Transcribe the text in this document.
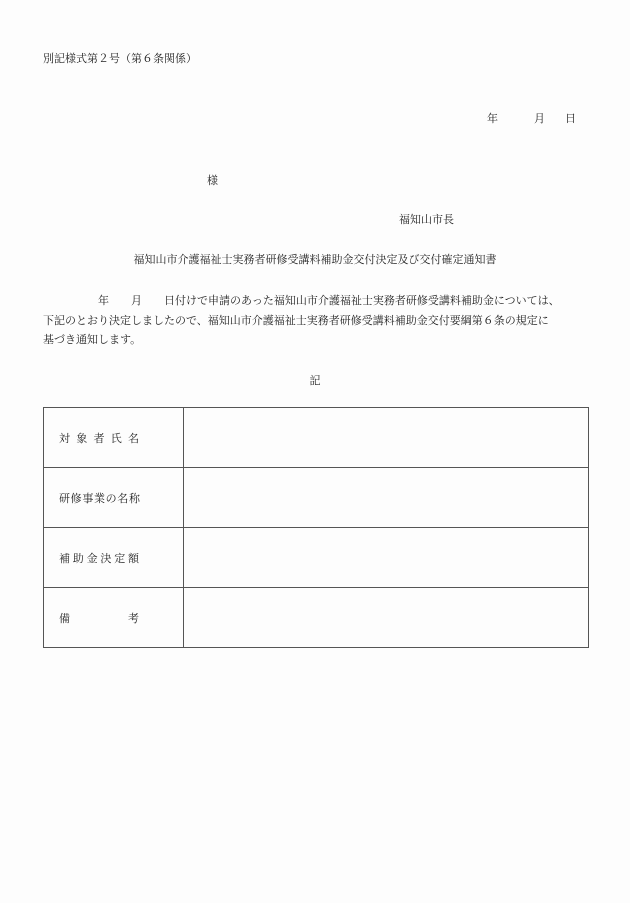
別記様式第２号（第６条関係）
年	月 日
様
福知山市長
福知山市介護福祉士実務者研修受講料補助金交付決定及び交付確定通知書

　　　　　年　　月　　日付けで申請のあった福知山市介護福祉士実務者研修受講料補助金については、

下記のとおり決定しましたので、福知山市介護福祉士実務者研修受講料補助金交付要綱第６条の規定に

基づき通知します。

記
対 象 者 氏 名	

研 修 事 業 の 名 称

補 助 金 決 定 額

備 考	
